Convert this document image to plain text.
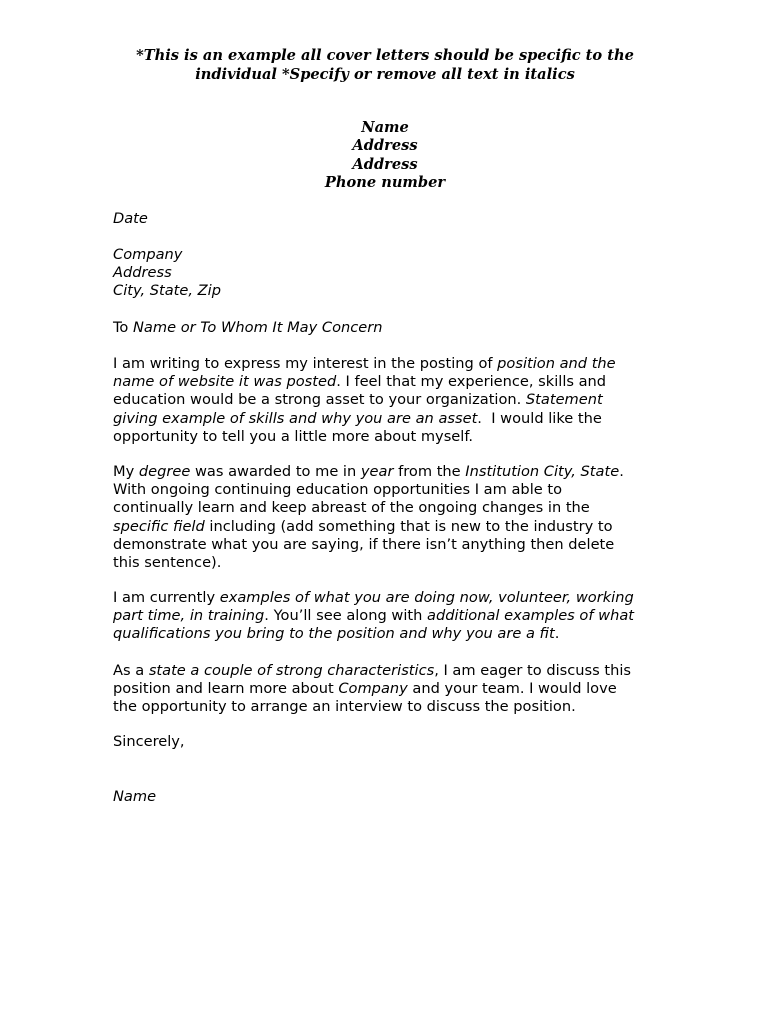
*This is an example all cover letters should be specific to the
individual *Specify or remove all text in italics
Name
Address
Address
Phone number
Date
Company
Address
City, State, Zip
To Name or To Whom It May Concern
I am writing to express my interest in the posting of position and the
name of website it was posted. I feel that my experience, skills and
education would be a strong asset to your organization. Statement
giving example of skills and why you are an asset.  I would like the
opportunity to tell you a little more about myself.
My degree was awarded to me in year from the Institution City, State.
With ongoing continuing education opportunities I am able to
continually learn and keep abreast of the ongoing changes in the
specific field including (add something that is new to the industry to
demonstrate what you are saying, if there isn’t anything then delete
this sentence).
I am currently examples of what you are doing now, volunteer, working
part time, in training. You’ll see along with additional examples of what
qualifications you bring to the position and why you are a fit.
As a state a couple of strong characteristics, I am eager to discuss this
position and learn more about Company and your team. I would love
the opportunity to arrange an interview to discuss the position.
Sincerely,
Name
